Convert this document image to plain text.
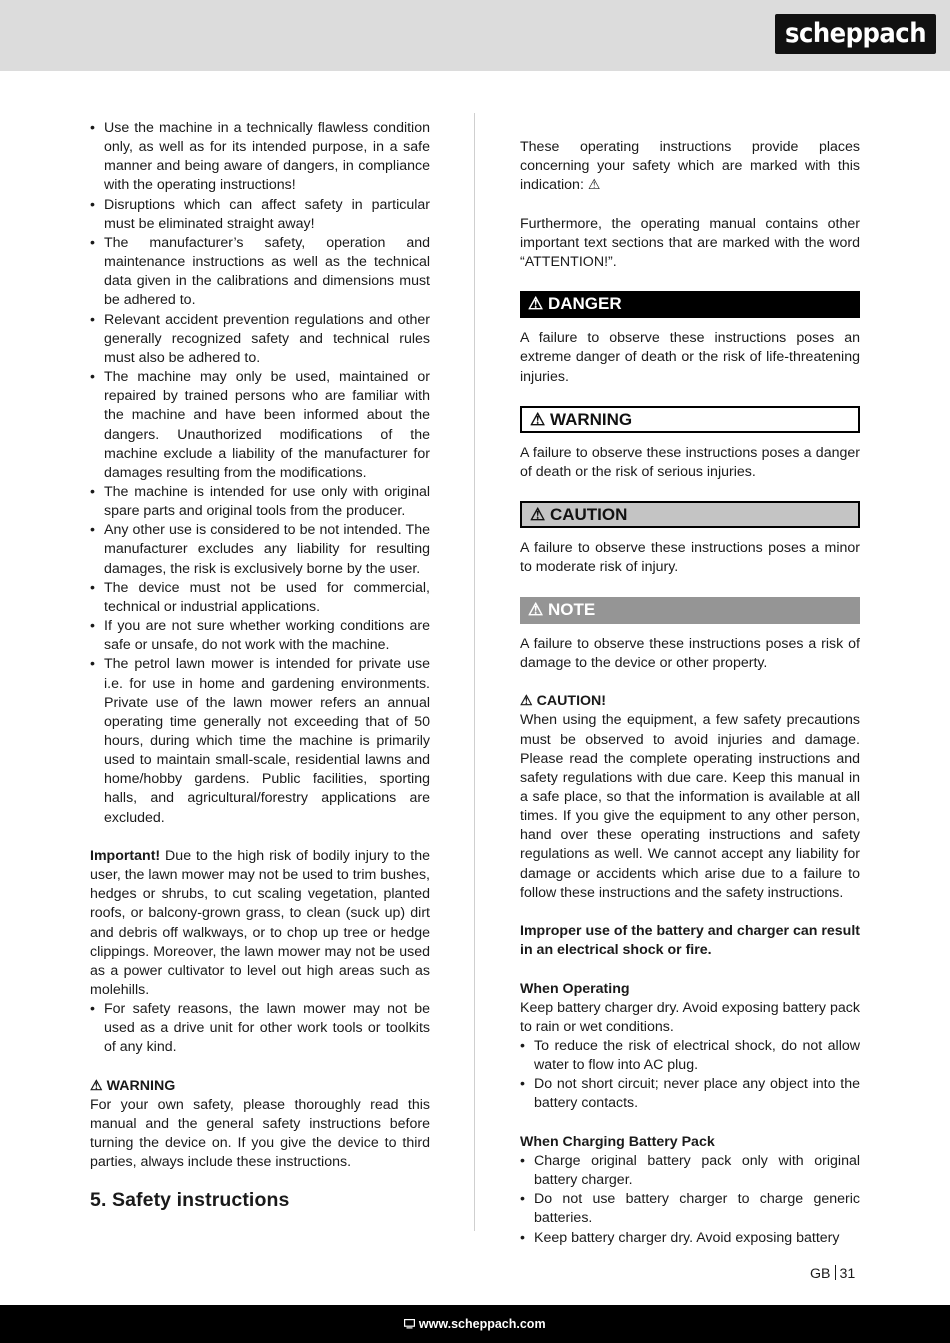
scheppach
• Use the machine in a technically flawless condition only, as well as for its intended purpose, in a safe manner and being aware of dangers, in compliance with the operating instructions!
• Disruptions which can affect safety in particular must be eliminated straight away!
• The manufacturer’s safety, operation and maintenance instructions as well as the technical data given in the calibrations and dimensions must be adhered to.
• Relevant accident prevention regulations and other generally recognized safety and technical rules must also be adhered to.
• The machine may only be used, maintained or repaired by trained persons who are familiar with the machine and have been informed about the dangers. Unauthorized modifications of the machine exclude a liability of the manufacturer for damages resulting from the modifications.
• The machine is intended for use only with original spare parts and original tools from the producer.
• Any other use is considered to be not intended. The manufacturer excludes any liability for resulting damages, the risk is exclusively borne by the user.
• The device must not be used for commercial, technical or industrial applications.
• If you are not sure whether working conditions are safe or unsafe, do not work with the machine.
• The petrol lawn mower is intended for private use i.e. for use in home and gardening environments. Private use of the lawn mower refers an annual operating time generally not exceeding that of 50 hours, during which time the machine is primarily used to maintain small-scale, residential lawns and home/hobby gardens. Public facilities, sporting halls, and agricultural/forestry applications are excluded.

Important! Due to the high risk of bodily injury to the user, the lawn mower may not be used to trim bushes, hedges or shrubs, to cut scaling vegetation, planted roofs, or balcony-grown grass, to clean (suck up) dirt and debris off walkways, or to chop up tree or hedge clippings. Moreover, the lawn mower may not be used as a power cultivator to level out high areas such as molehills.

• For safety reasons, the lawn mower may not be used as a drive unit for other work tools or toolkits of any kind.

⚠ WARNING

For your own safety, please thoroughly read this manual and the general safety instructions before turning the device on. If you give the device to third parties, always include these instructions.

5. Safety instructions

These operating instructions provide places concerning your safety which are marked with this indication: ⚠

Furthermore, the operating manual contains other important text sections that are marked with the word “ATTENTION!”.

⚠ DANGER

A failure to observe these instructions poses an extreme danger of death or the risk of life-threatening injuries.

⚠ WARNING

A failure to observe these instructions poses a danger of death or the risk of serious injuries.

⚠ CAUTION

A failure to observe these instructions poses a minor to moderate risk of injury.

⚠ NOTE

A failure to observe these instructions poses a risk of damage to the device or other property.

⚠ CAUTION!

When using the equipment, a few safety precautions must be observed to avoid injuries and damage. Please read the complete operating instructions and safety regulations with due care. Keep this manual in a safe place, so that the information is available at all times. If you give the equipment to any other person, hand over these operating instructions and safety regulations as well. We cannot accept any liability for damage or accidents which arise due to a failure to follow these instructions and the safety instructions.

Improper use of the battery and charger can result in an electrical shock or fire.

When Operating

Keep battery charger dry. Avoid exposing battery pack to rain or wet conditions.

• To reduce the risk of electrical shock, do not allow water to flow into AC plug.
• Do not short circuit; never place any object into the battery contacts.

When Charging Battery Pack

• Charge original battery pack only with original battery charger.
• Do not use battery charger to charge generic batteries.
• Keep battery charger dry. Avoid exposing battery
GB 31
www.scheppach.com
